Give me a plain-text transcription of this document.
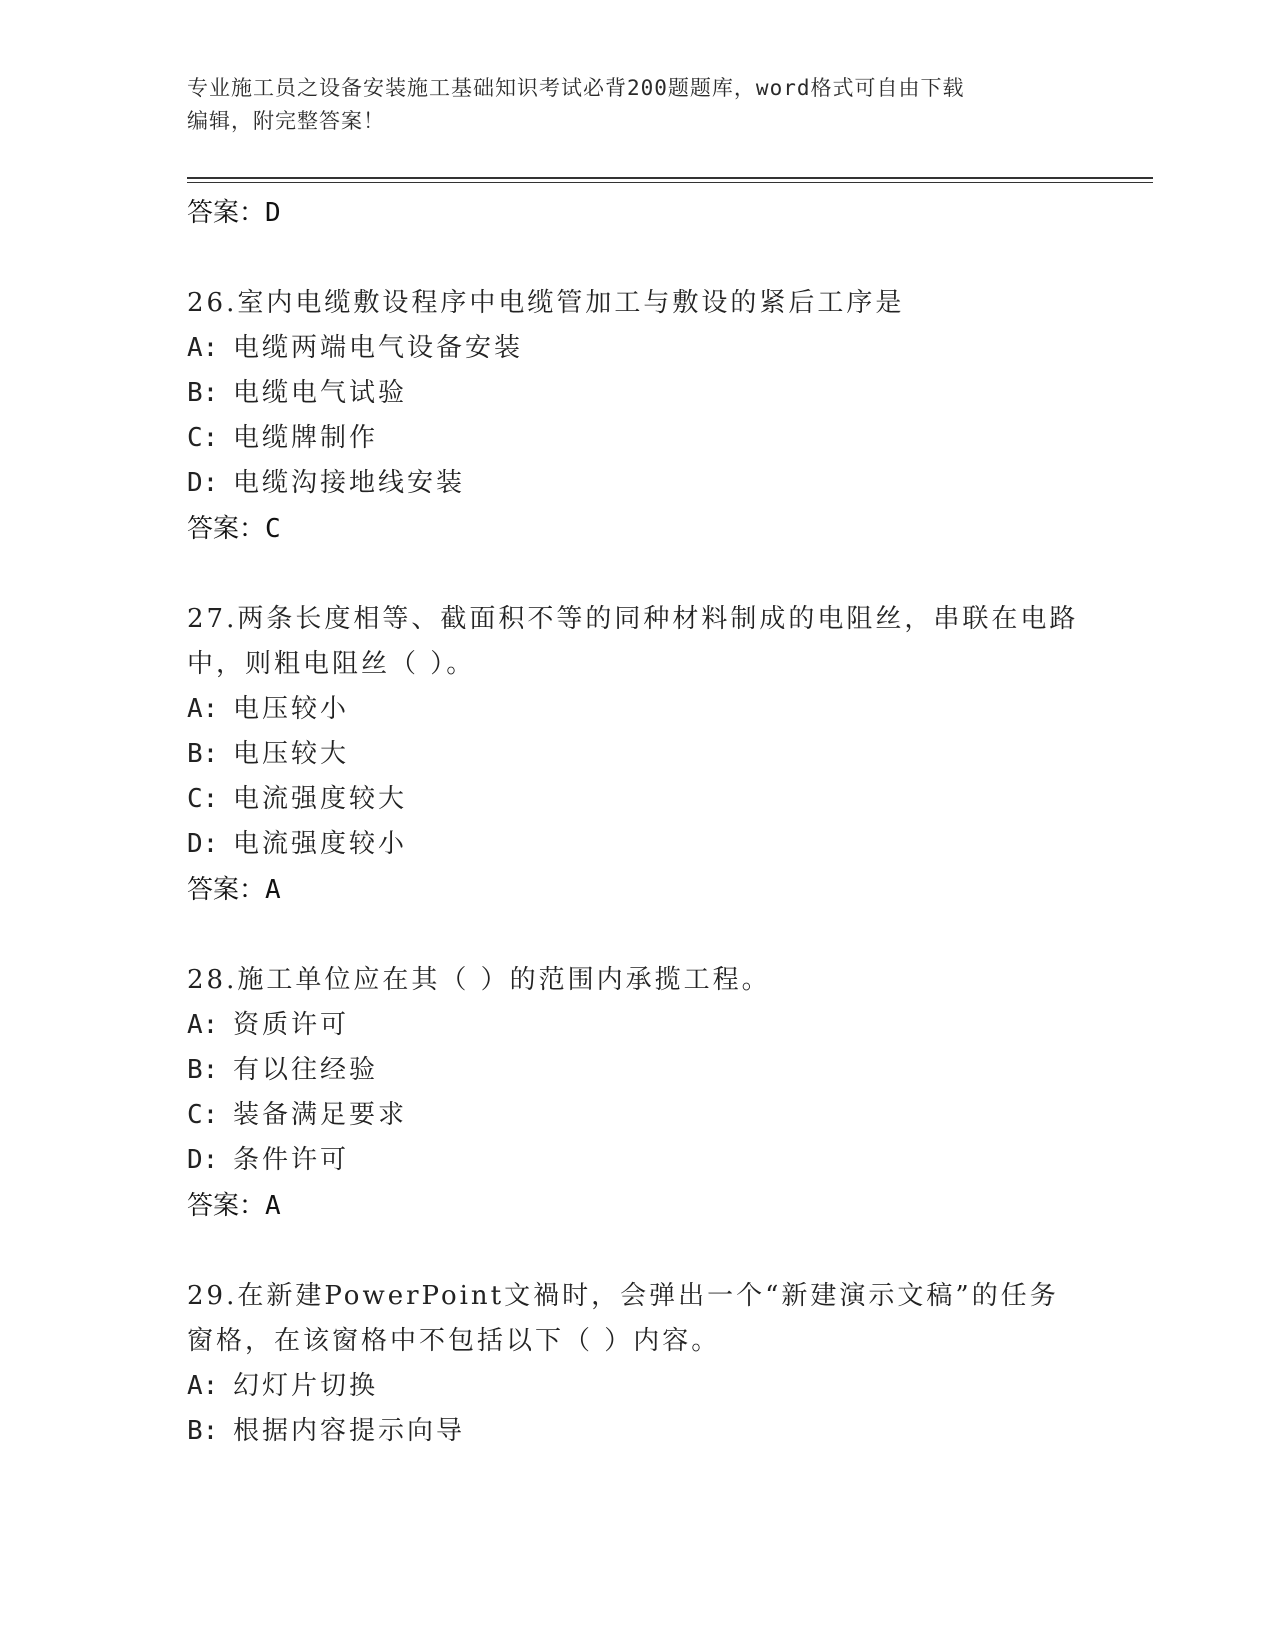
专业施工员之设备安装施工基础知识考试必背200题题库，word格式可自由下载
编辑，附完整答案！
答案：D
26.室内电缆敷设程序中电缆管加工与敷设的紧后工序是
A: 电缆两端电气设备安装
B: 电缆电气试验
C: 电缆牌制作
D: 电缆沟接地线安装
答案：C
27.两条长度相等、截面积不等的同种材料制成的电阻丝，串联在电路中，则粗电阻丝（ ）。
A: 电压较小
B: 电压较大
C: 电流强度较大
D: 电流强度较小
答案：A
28.施工单位应在其（ ）的范围内承揽工程。
A: 资质许可
B: 有以往经验
C: 装备满足要求
D: 条件许可
答案：A
29.在新建PowerPoint文禍时，会弹出一个“新建演示文稿”的任务窗格，在该窗格中不包括以下（ ）内容。
A: 幻灯片切换
B: 根据内容提示向导
